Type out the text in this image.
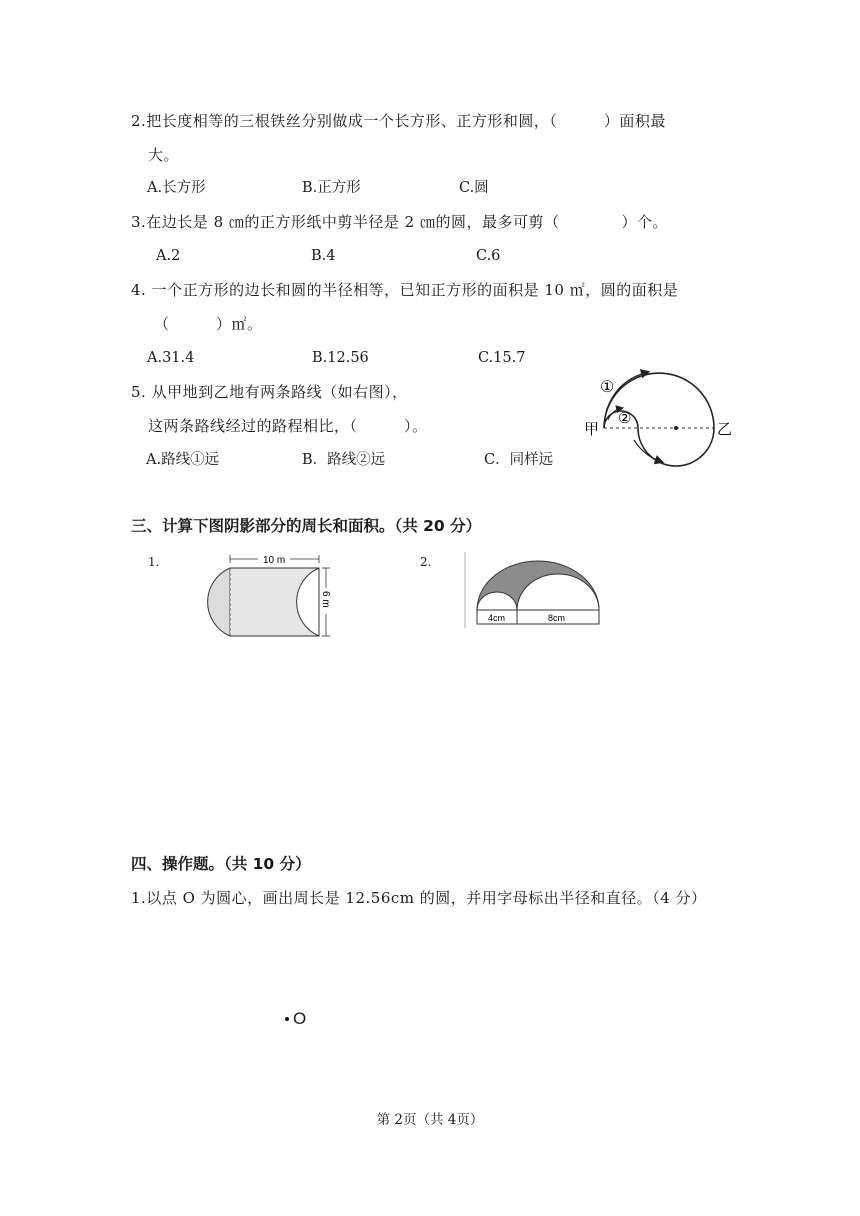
2.把长度相等的三根铁丝分别做成一个长方形、正方形和圆，（　　　）面积最
大。
A.长方形	B.正方形	C.圆
3.在边长是 8 ㎝的正方形纸中剪半径是 2 ㎝的圆，最多可剪（　　　　）个。
A.2	B.4	C.6
4. 一个正方形的边长和圆的半径相等，已知正方形的面积是 10 ㎡，圆的面积是
（　　　）㎡。
A.31.4	B.12.56	C.15.7
5. 从甲地到乙地有两条路线（如右图），
这两条路线经过的路程相比，（　　　）。
A.路线①远	B．路线②远	C．同样远
①
②
甲	乙
三、计算下图阴影部分的周长和面积。（共 20 分）
1.	2.
10 m
6 m
4cm	8cm
四、操作题。（共 10 分）
1.以点 O 为圆心，画出周长是 12.56cm 的圆，并用字母标出半径和直径。（4 分）
O
第 2页（共 4页）
